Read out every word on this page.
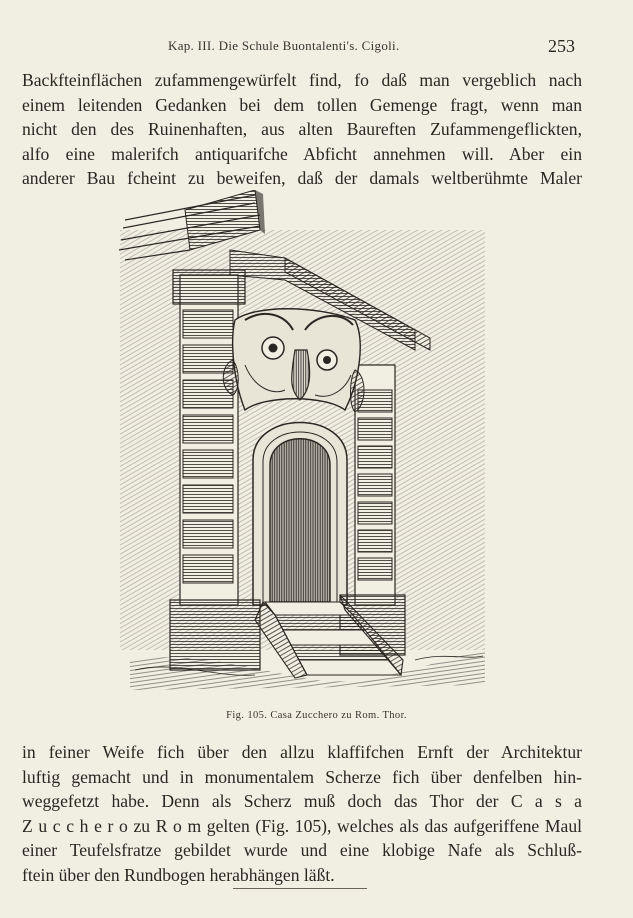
Kap. III. Die Schule Buontalenti's. Cigoli.	253
Backfteinflächen zufammengewürfelt find, fo daß man vergeblich nach
einem leitenden Gedanken bei dem tollen Gemenge fragt, wenn man
nicht den des Ruinenhaften, aus alten Baureften Zufammengeflickten,
alfo eine malerifch antiquarifche Abficht annehmen will. Aber ein
anderer Bau fcheint zu beweifen, daß der damals weltberühmte Maler
Fig. 105. Casa Zucchero zu Rom. Thor.
in feiner Weife fich über den allzu klaffifchen Ernft der Architektur
luftig gemacht und in monumentalem Scherze fich über denfelben hin-
weggefetzt habe. Denn als Scherz muß doch das Thor der C a s a
Z u c c h e r o zu R o m gelten (Fig. 105), welches als das aufgeriffene Maul
einer Teufelsfratze gebildet wurde und eine klobige Nafe als Schluß-
ftein über den Rundbogen herabhängen läßt.
